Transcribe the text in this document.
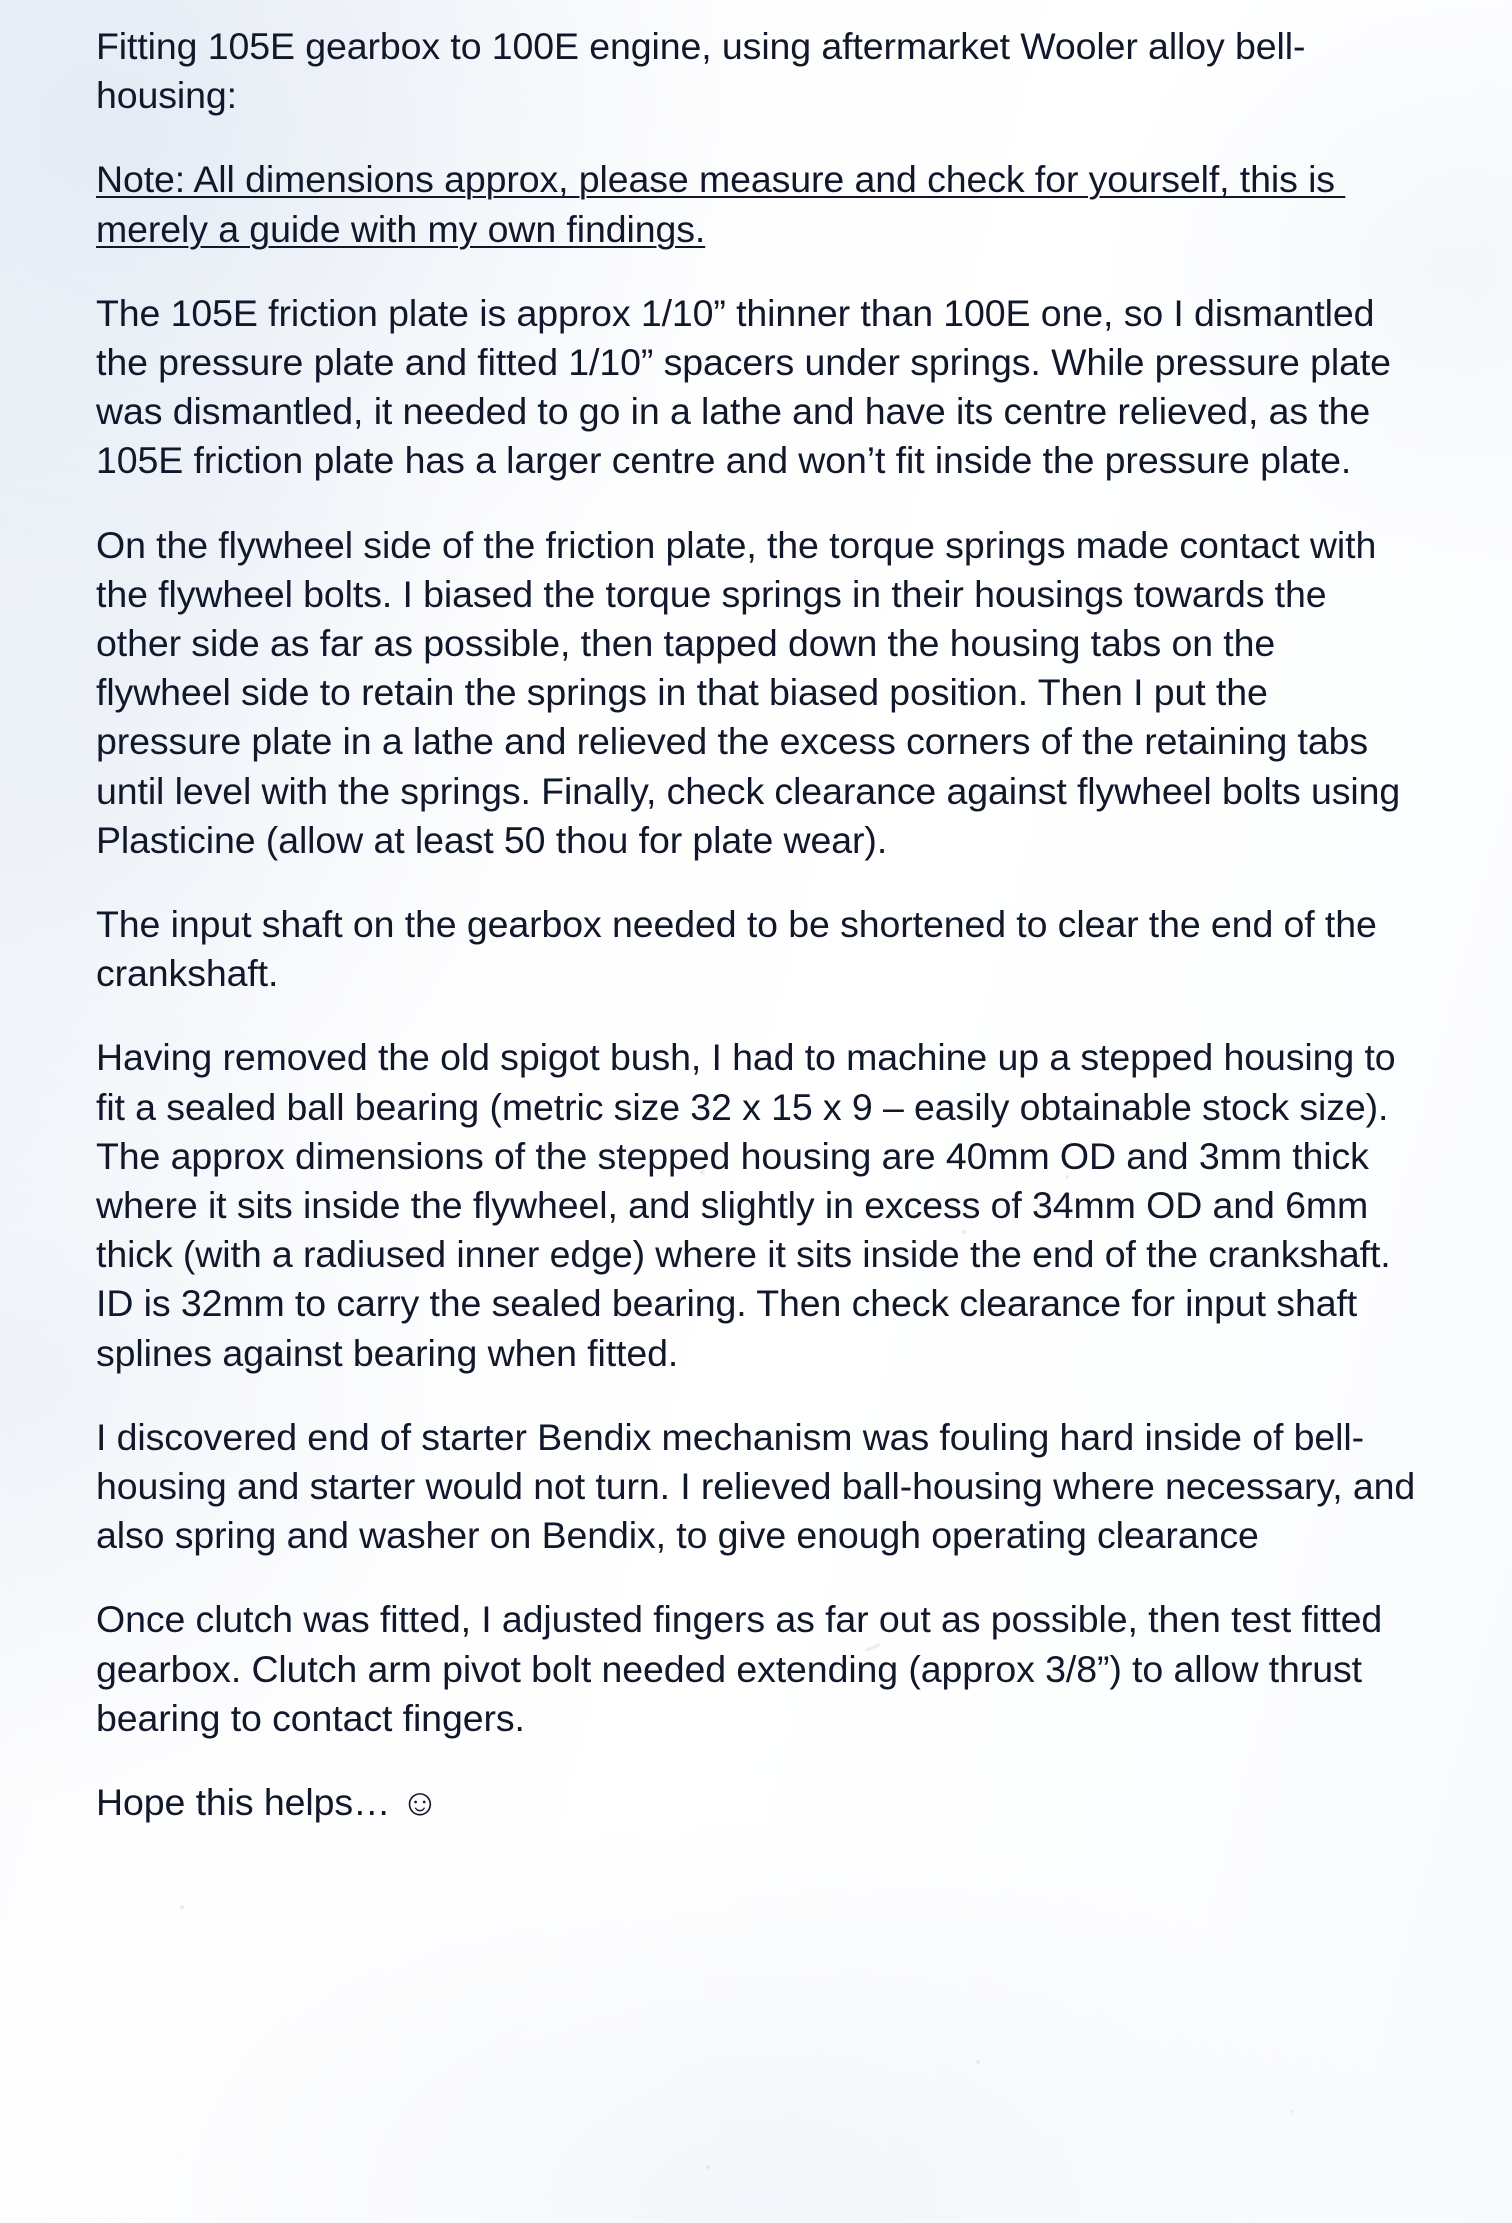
Fitting 105E gearbox to 100E engine, using aftermarket Wooler alloy bell-housing:

Note: All dimensions approx, please measure and check for yourself, this is merely a guide with my own findings.

The 105E friction plate is approx 1/10” thinner than 100E one, so I dismantled the pressure plate and fitted 1/10” spacers under springs. While pressure plate was dismantled, it needed to go in a lathe and have its centre relieved, as the 105E friction plate has a larger centre and won’t fit inside the pressure plate.

On the flywheel side of the friction plate, the torque springs made contact with the flywheel bolts. I biased the torque springs in their housings towards the other side as far as possible, then tapped down the housing tabs on the flywheel side to retain the springs in that biased position. Then I put the pressure plate in a lathe and relieved the excess corners of the retaining tabs until level with the springs. Finally, check clearance against flywheel bolts using Plasticine (allow at least 50 thou for plate wear).

The input shaft on the gearbox needed to be shortened to clear the end of the crankshaft.

Having removed the old spigot bush, I had to machine up a stepped housing to fit a sealed ball bearing (metric size 32 x 15 x 9 – easily obtainable stock size). The approx dimensions of the stepped housing are 40mm OD and 3mm thick where it sits inside the flywheel, and slightly in excess of 34mm OD and 6mm thick (with a radiused inner edge) where it sits inside the end of the crankshaft. ID is 32mm to carry the sealed bearing. Then check clearance for input shaft splines against bearing when fitted.

I discovered end of starter Bendix mechanism was fouling hard inside of bell-housing and starter would not turn. I relieved ball-housing where necessary, and also spring and washer on Bendix, to give enough operating clearance

Once clutch was fitted, I adjusted fingers as far out as possible, then test fitted gearbox. Clutch arm pivot bolt needed extending (approx 3/8”) to allow thrust bearing to contact fingers.

Hope this helps… ☺
